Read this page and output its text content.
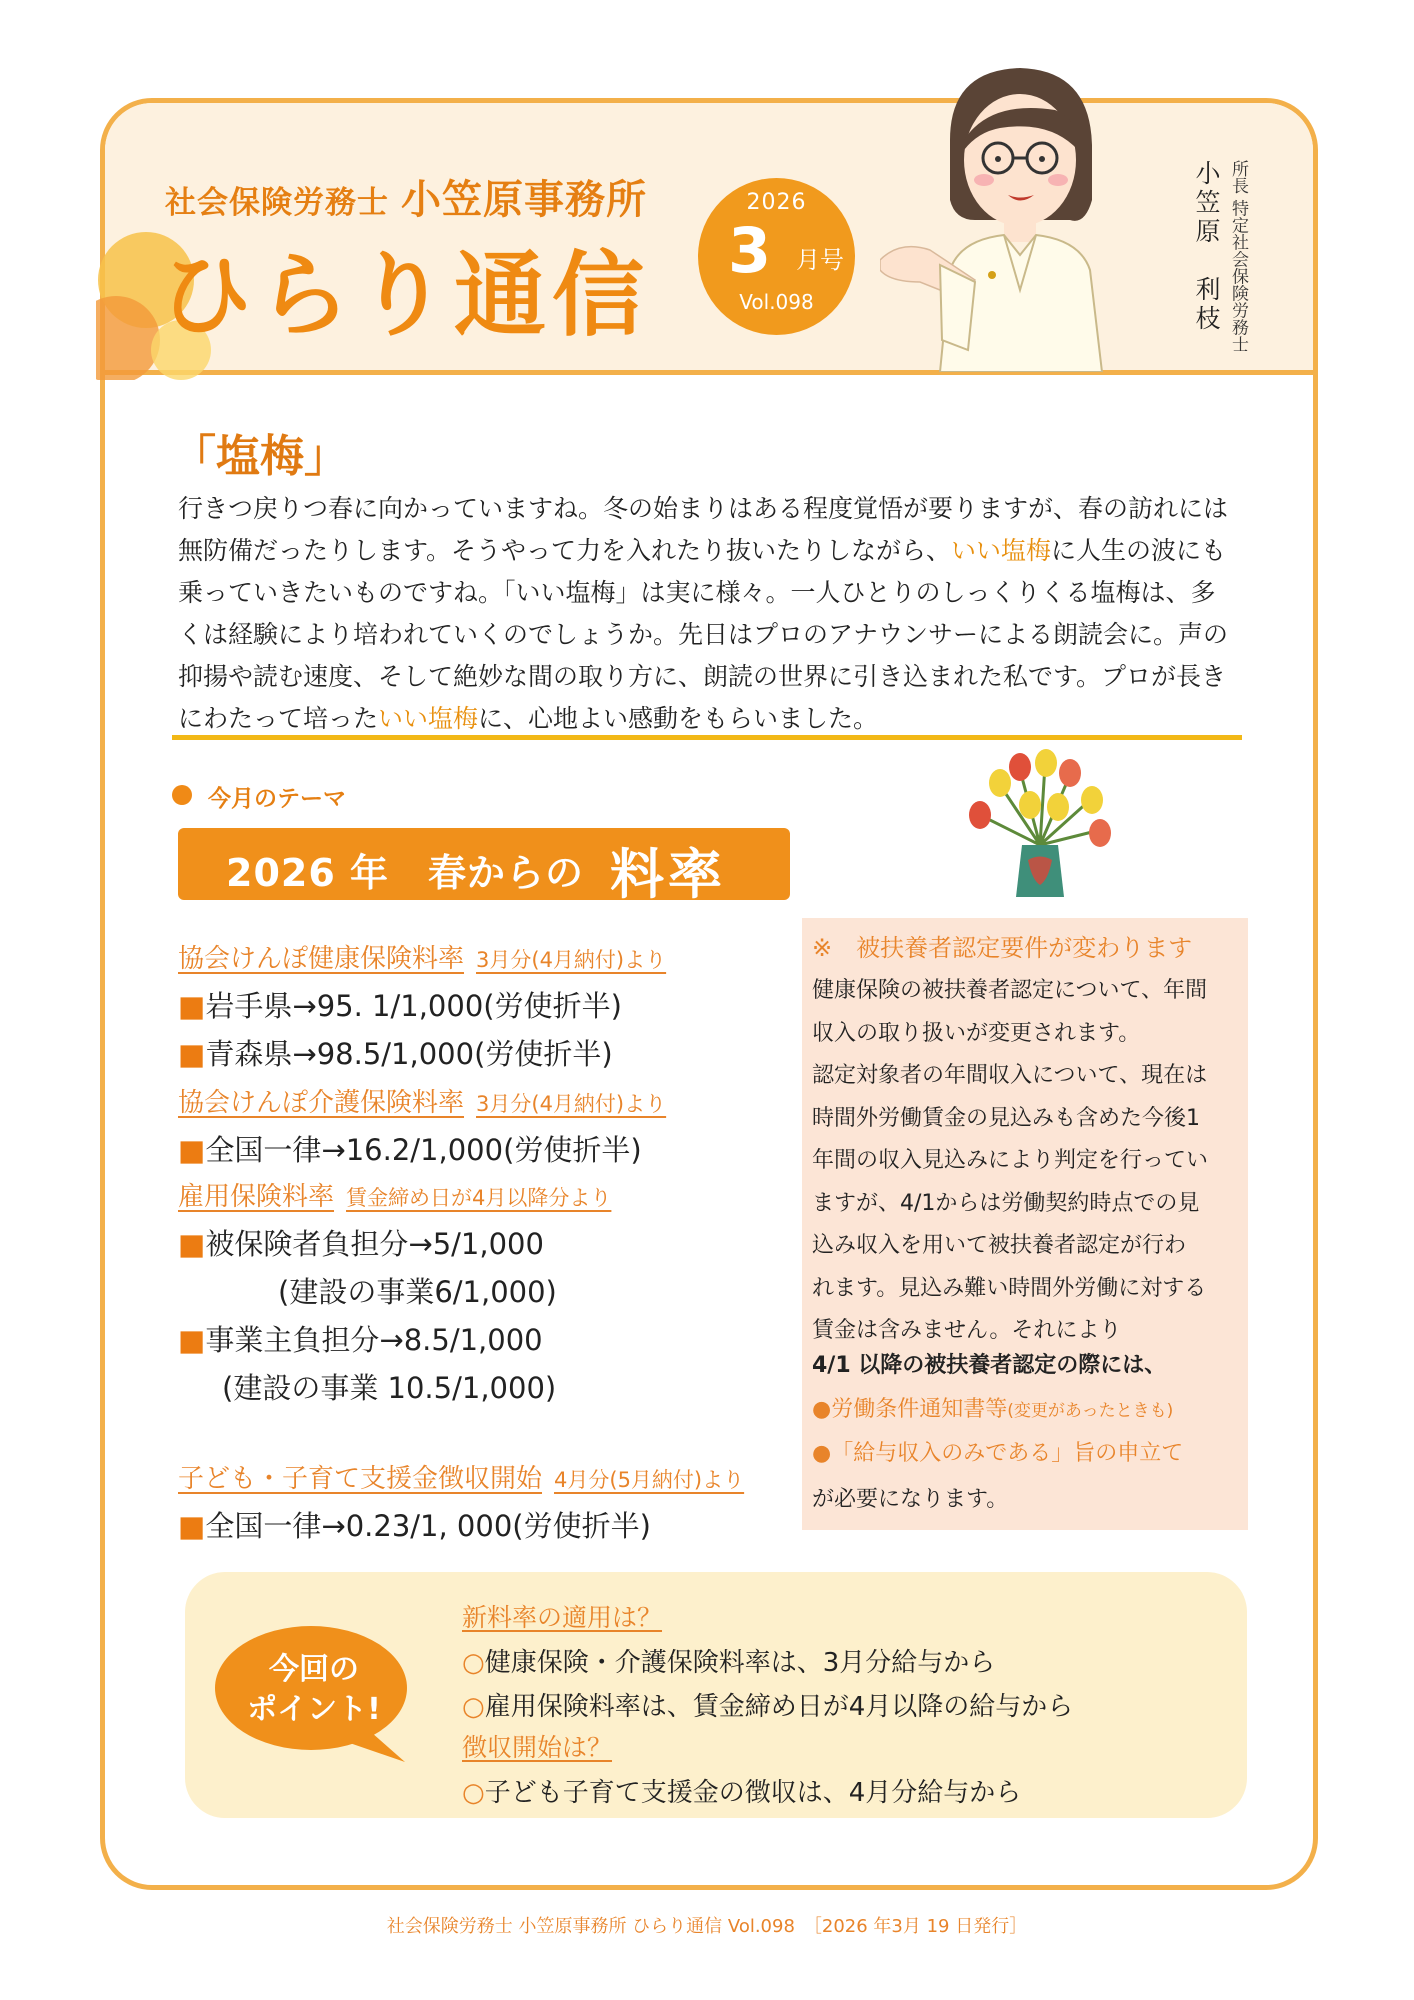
社会保険労務士 小笠原事務所
ひらり通信
2026
3 月号
Vol.098	所長 特定社会保険労務士
小笠原　利枝
「塩梅」

行きつ戻りつ春に向かっていますね。冬の始まりはある程度覚悟が要りますが、春の訪れには無防備だったりします。そうやって力を入れたり抜いたりしながら、いい塩梅に人生の波にも乗っていきたいものですね。「いい塩梅」は実に様々。一人ひとりのしっくりくる塩梅は、多くは経験により培われていくのでしょうか。先日はプロのアナウンサーによる朗読会に。声の抑揚や読む速度、そして絶妙な間の取り方に、朗読の世界に引き込まれた私です。プロが長きにわたって培ったいい塩梅に、心地よい感動をもらいました。

今月のテーマ
2026 年　春からの 料率
協会けんぽ健康保険料率 3月分(4月納付)より
■岩手県→95. 1/1,000(労使折半)
■青森県→98.5/1,000(労使折半)
協会けんぽ介護保険料率 3月分(4月納付)より
■全国一律→16.2/1,000(労使折半)
雇用保険料率 賃金締め日が4月以降分より
■被保険者負担分→5/1,000
(建設の事業6/1,000)
■事業主負担分→8.5/1,000
(建設の事業 10.5/1,000)
子ども・子育て支援金徴収開始 4月分(5月納付)より
■全国一律→0.23/1, 000(労使折半)
※　被扶養者認定要件が変わります

健康保険の被扶養者認定について、年間
収入の取り扱いが変更されます。
認定対象者の年間収入について、現在は
時間外労働賃金の見込みも含めた今後1
年間の収入見込みにより判定を行ってい
ますが、4/1からは労働契約時点での見
込み収入を用いて被扶養者認定が行わ
れます。見込み難い時間外労働に対する
賃金は含みません。それにより

4/1 以降の被扶養者認定の際には、
●労働条件通知書等(変更があったときも)
●「給与収入のみである」旨の申立て
が必要になります。
今回の
ポイント!
新料率の適用は？
○健康保険・介護保険料率は、3月分給与から
○雇用保険料率は、賃金締め日が4月以降の給与から
徴収開始は？
○子ども子育て支援金の徴収は、4月分給与から
社会保険労務士 小笠原事務所 ひらり通信 Vol.098　［2026 年3月 19 日発行］
